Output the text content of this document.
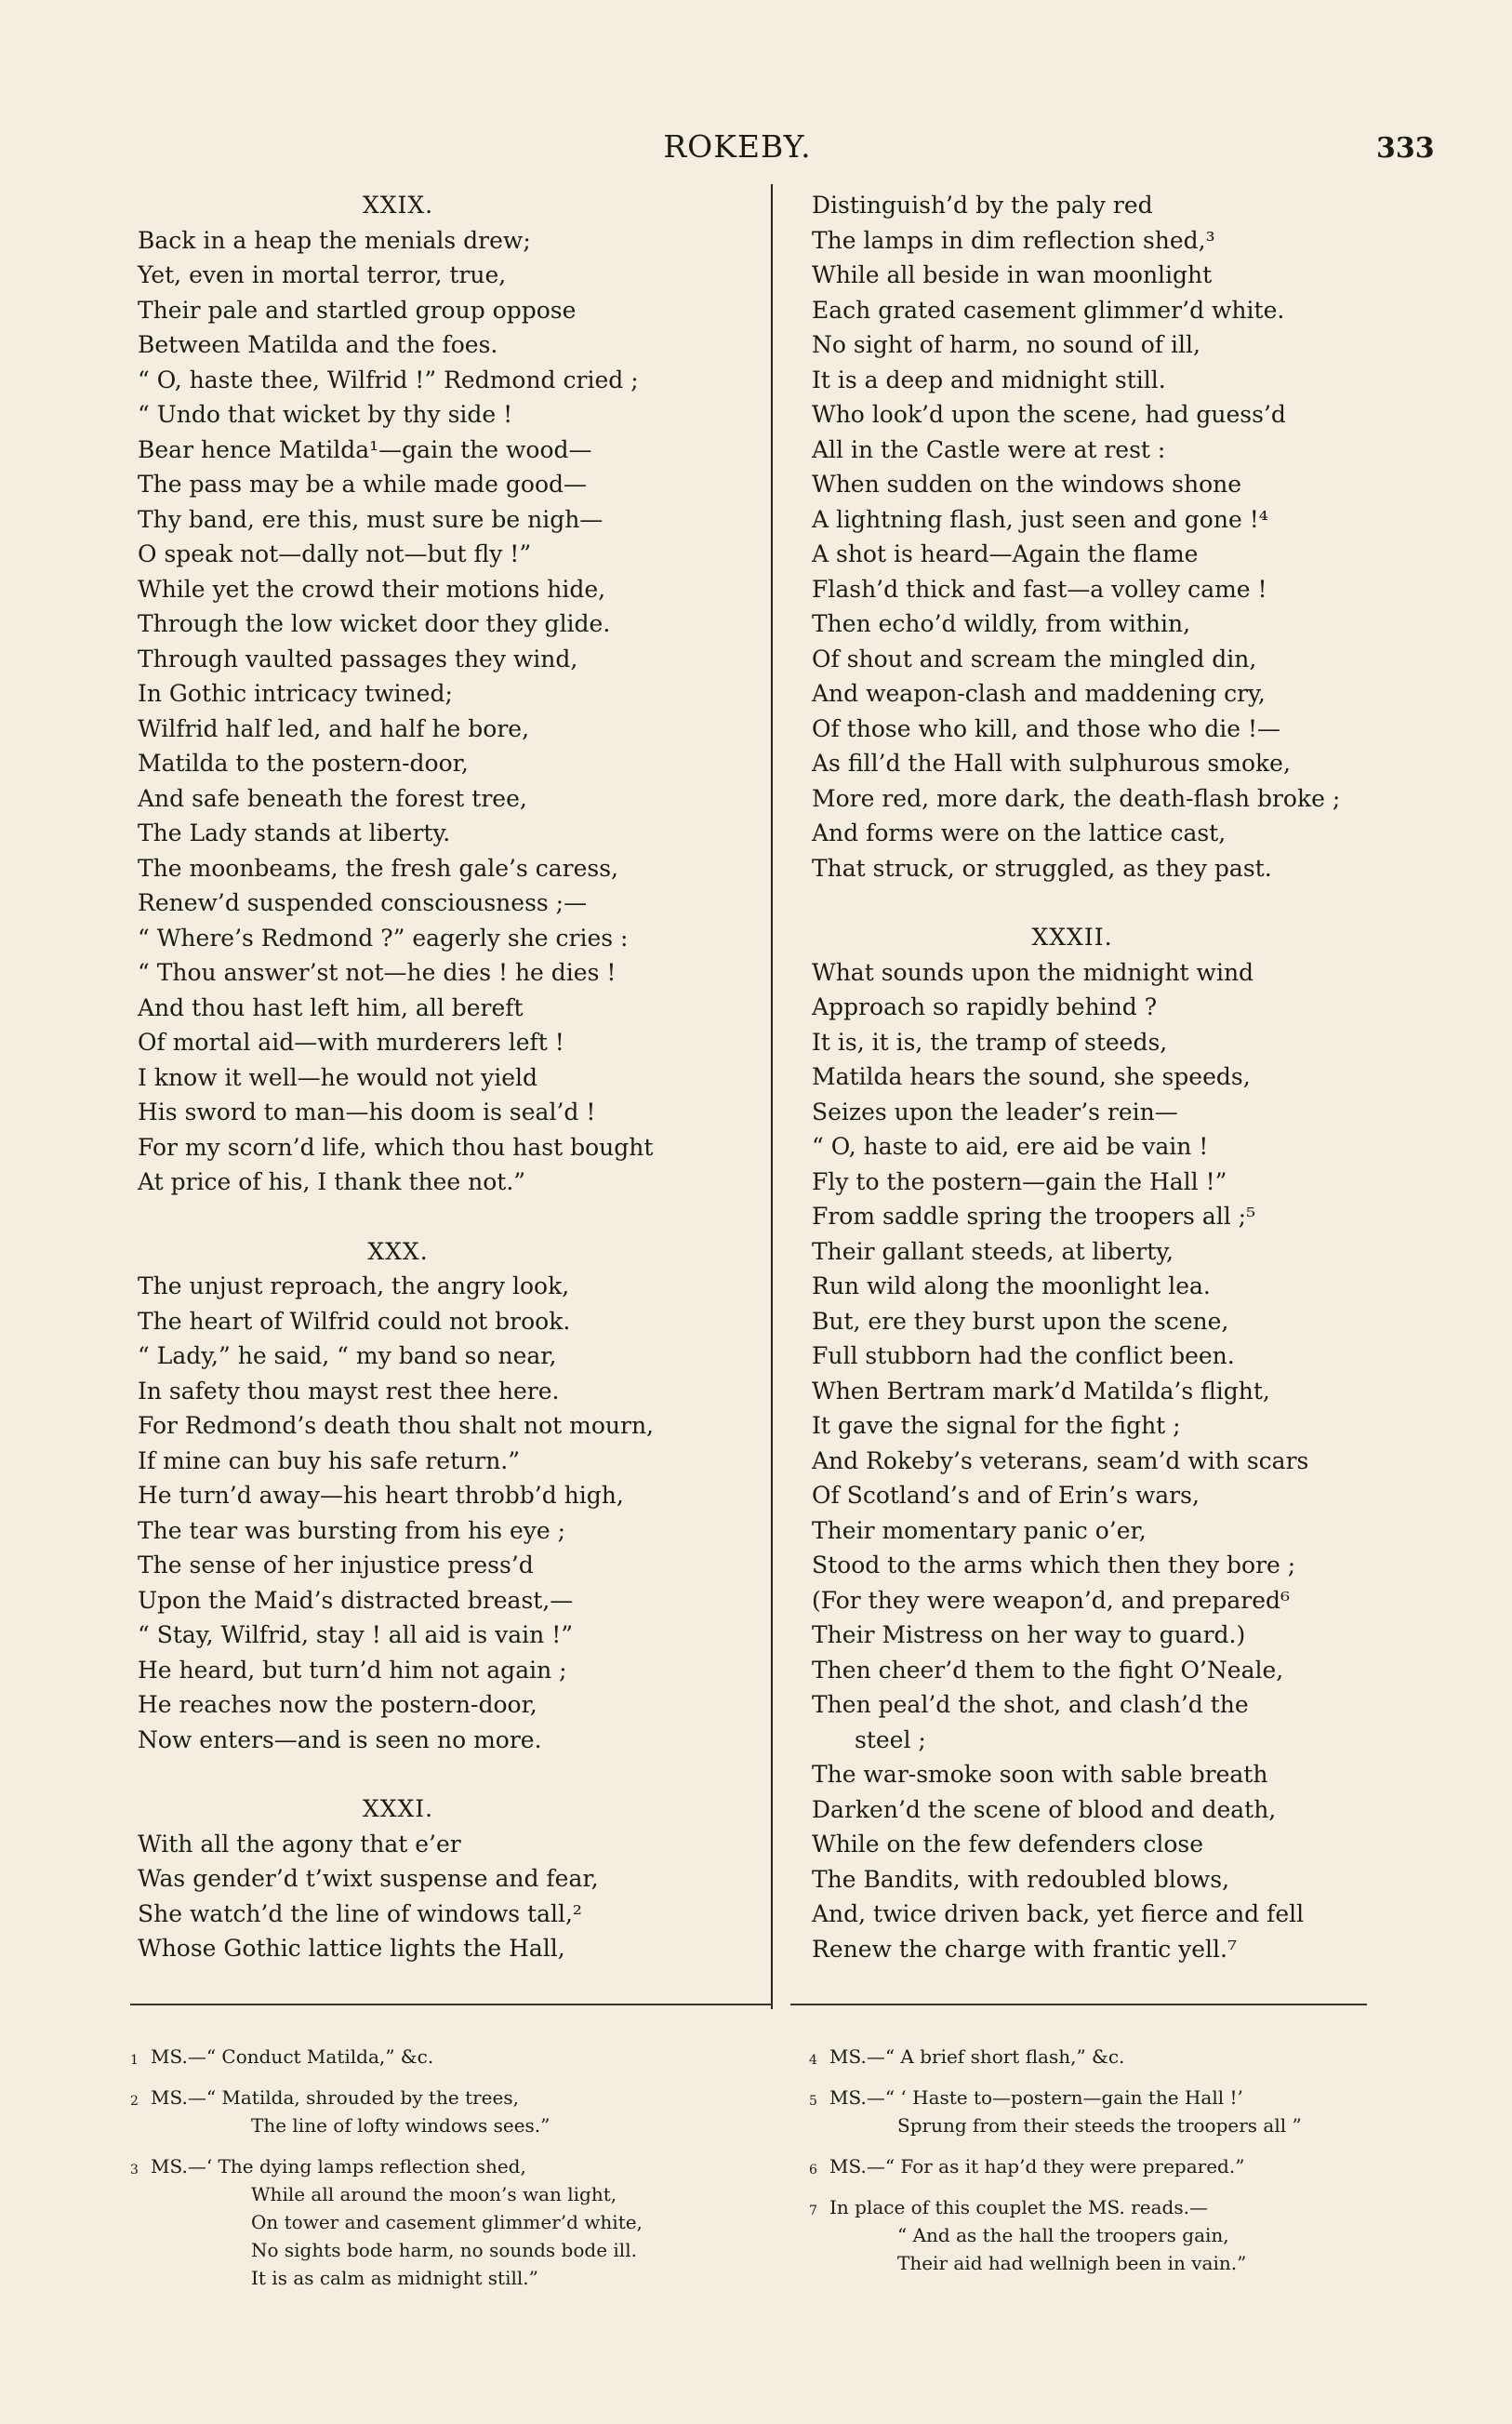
ROKEBY.	333
XXIX.
Back in a heap the menials drew;
Yet, even in mortal terror, true,
Their pale and startled group oppose
Between Matilda and the foes.
“ O, haste thee, Wilfrid !” Redmond cried ;
“ Undo that wicket by thy side !
Bear hence Matilda¹—gain the wood—
The pass may be a while made good—
Thy band, ere this, must sure be nigh—
O speak not—dally not—but fly !”
While yet the crowd their motions hide,
Through the low wicket door they glide.
Through vaulted passages they wind,
In Gothic intricacy twined;
Wilfrid half led, and half he bore,
Matilda to the postern-door,
And safe beneath the forest tree,
The Lady stands at liberty.
The moonbeams, the fresh gale’s caress,
Renew’d suspended consciousness ;—
“ Where’s Redmond ?” eagerly she cries :
“ Thou answer’st not—he dies ! he dies !
And thou hast left him, all bereft
Of mortal aid—with murderers left !
I know it well—he would not yield
His sword to man—his doom is seal’d !
For my scorn’d life, which thou hast bought
At price of his, I thank thee not.”
XXX.
The unjust reproach, the angry look,
The heart of Wilfrid could not brook.
“ Lady,” he said, “ my band so near,
In safety thou mayst rest thee here.
For Redmond’s death thou shalt not mourn,
If mine can buy his safe return.”
He turn’d away—his heart throbb’d high,
The tear was bursting from his eye ;
The sense of her injustice press’d
Upon the Maid’s distracted breast,—
“ Stay, Wilfrid, stay ! all aid is vain !”
He heard, but turn’d him not again ;
He reaches now the postern-door,
Now enters—and is seen no more.
XXXI.
With all the agony that e’er
Was gender’d t’wixt suspense and fear,
She watch’d the line of windows tall,²
Whose Gothic lattice lights the Hall,
Distinguish’d by the paly red
The lamps in dim reflection shed,³
While all beside in wan moonlight
Each grated casement glimmer’d white.
No sight of harm, no sound of ill,
It is a deep and midnight still.
Who look’d upon the scene, had guess’d
All in the Castle were at rest :
When sudden on the windows shone
A lightning flash, just seen and gone !⁴
A shot is heard—Again the flame
Flash’d thick and fast—a volley came !
Then echo’d wildly, from within,
Of shout and scream the mingled din,
And weapon-clash and maddening cry,
Of those who kill, and those who die !—
As fill’d the Hall with sulphurous smoke,
More red, more dark, the death-flash broke ;
And forms were on the lattice cast,
That struck, or struggled, as they past.
XXXII.
What sounds upon the midnight wind
Approach so rapidly behind ?
It is, it is, the tramp of steeds,
Matilda hears the sound, she speeds,
Seizes upon the leader’s rein—
“ O, haste to aid, ere aid be vain !
Fly to the postern—gain the Hall !”
From saddle spring the troopers all ;⁵
Their gallant steeds, at liberty,
Run wild along the moonlight lea.
But, ere they burst upon the scene,
Full stubborn had the conflict been.
When Bertram mark’d Matilda’s flight,
It gave the signal for the fight ;
And Rokeby’s veterans, seam’d with scars
Of Scotland’s and of Erin’s wars,
Their momentary panic o’er,
Stood to the arms which then they bore ;
(For they were weapon’d, and prepared⁶
Their Mistress on her way to guard.)
Then cheer’d them to the fight O’Neale,
Then peal’d the shot, and clash’d the
steel ;
The war-smoke soon with sable breath
Darken’d the scene of blood and death,
While on the few defenders close
The Bandits, with redoubled blows,
And, twice driven back, yet fierce and fell
Renew the charge with frantic yell.⁷
1 MS.—“ Conduct Matilda,” &c.
2 MS.—“ Matilda, shrouded by the trees,
The line of lofty windows sees.”
3 MS.—‘ The dying lamps reflection shed,
While all around the moon’s wan light,
On tower and casement glimmer’d white,
No sights bode harm, no sounds bode ill.
It is as calm as midnight still.”
4 MS.—“ A brief short flash,” &c.
5 MS.—“ ‘ Haste to—postern—gain the Hall !’
Sprung from their steeds the troopers all ”
6 MS.—“ For as it hap’d they were prepared.”
7 In place of this couplet the MS. reads.—
“ And as the hall the troopers gain,
Their aid had wellnigh been in vain.”
